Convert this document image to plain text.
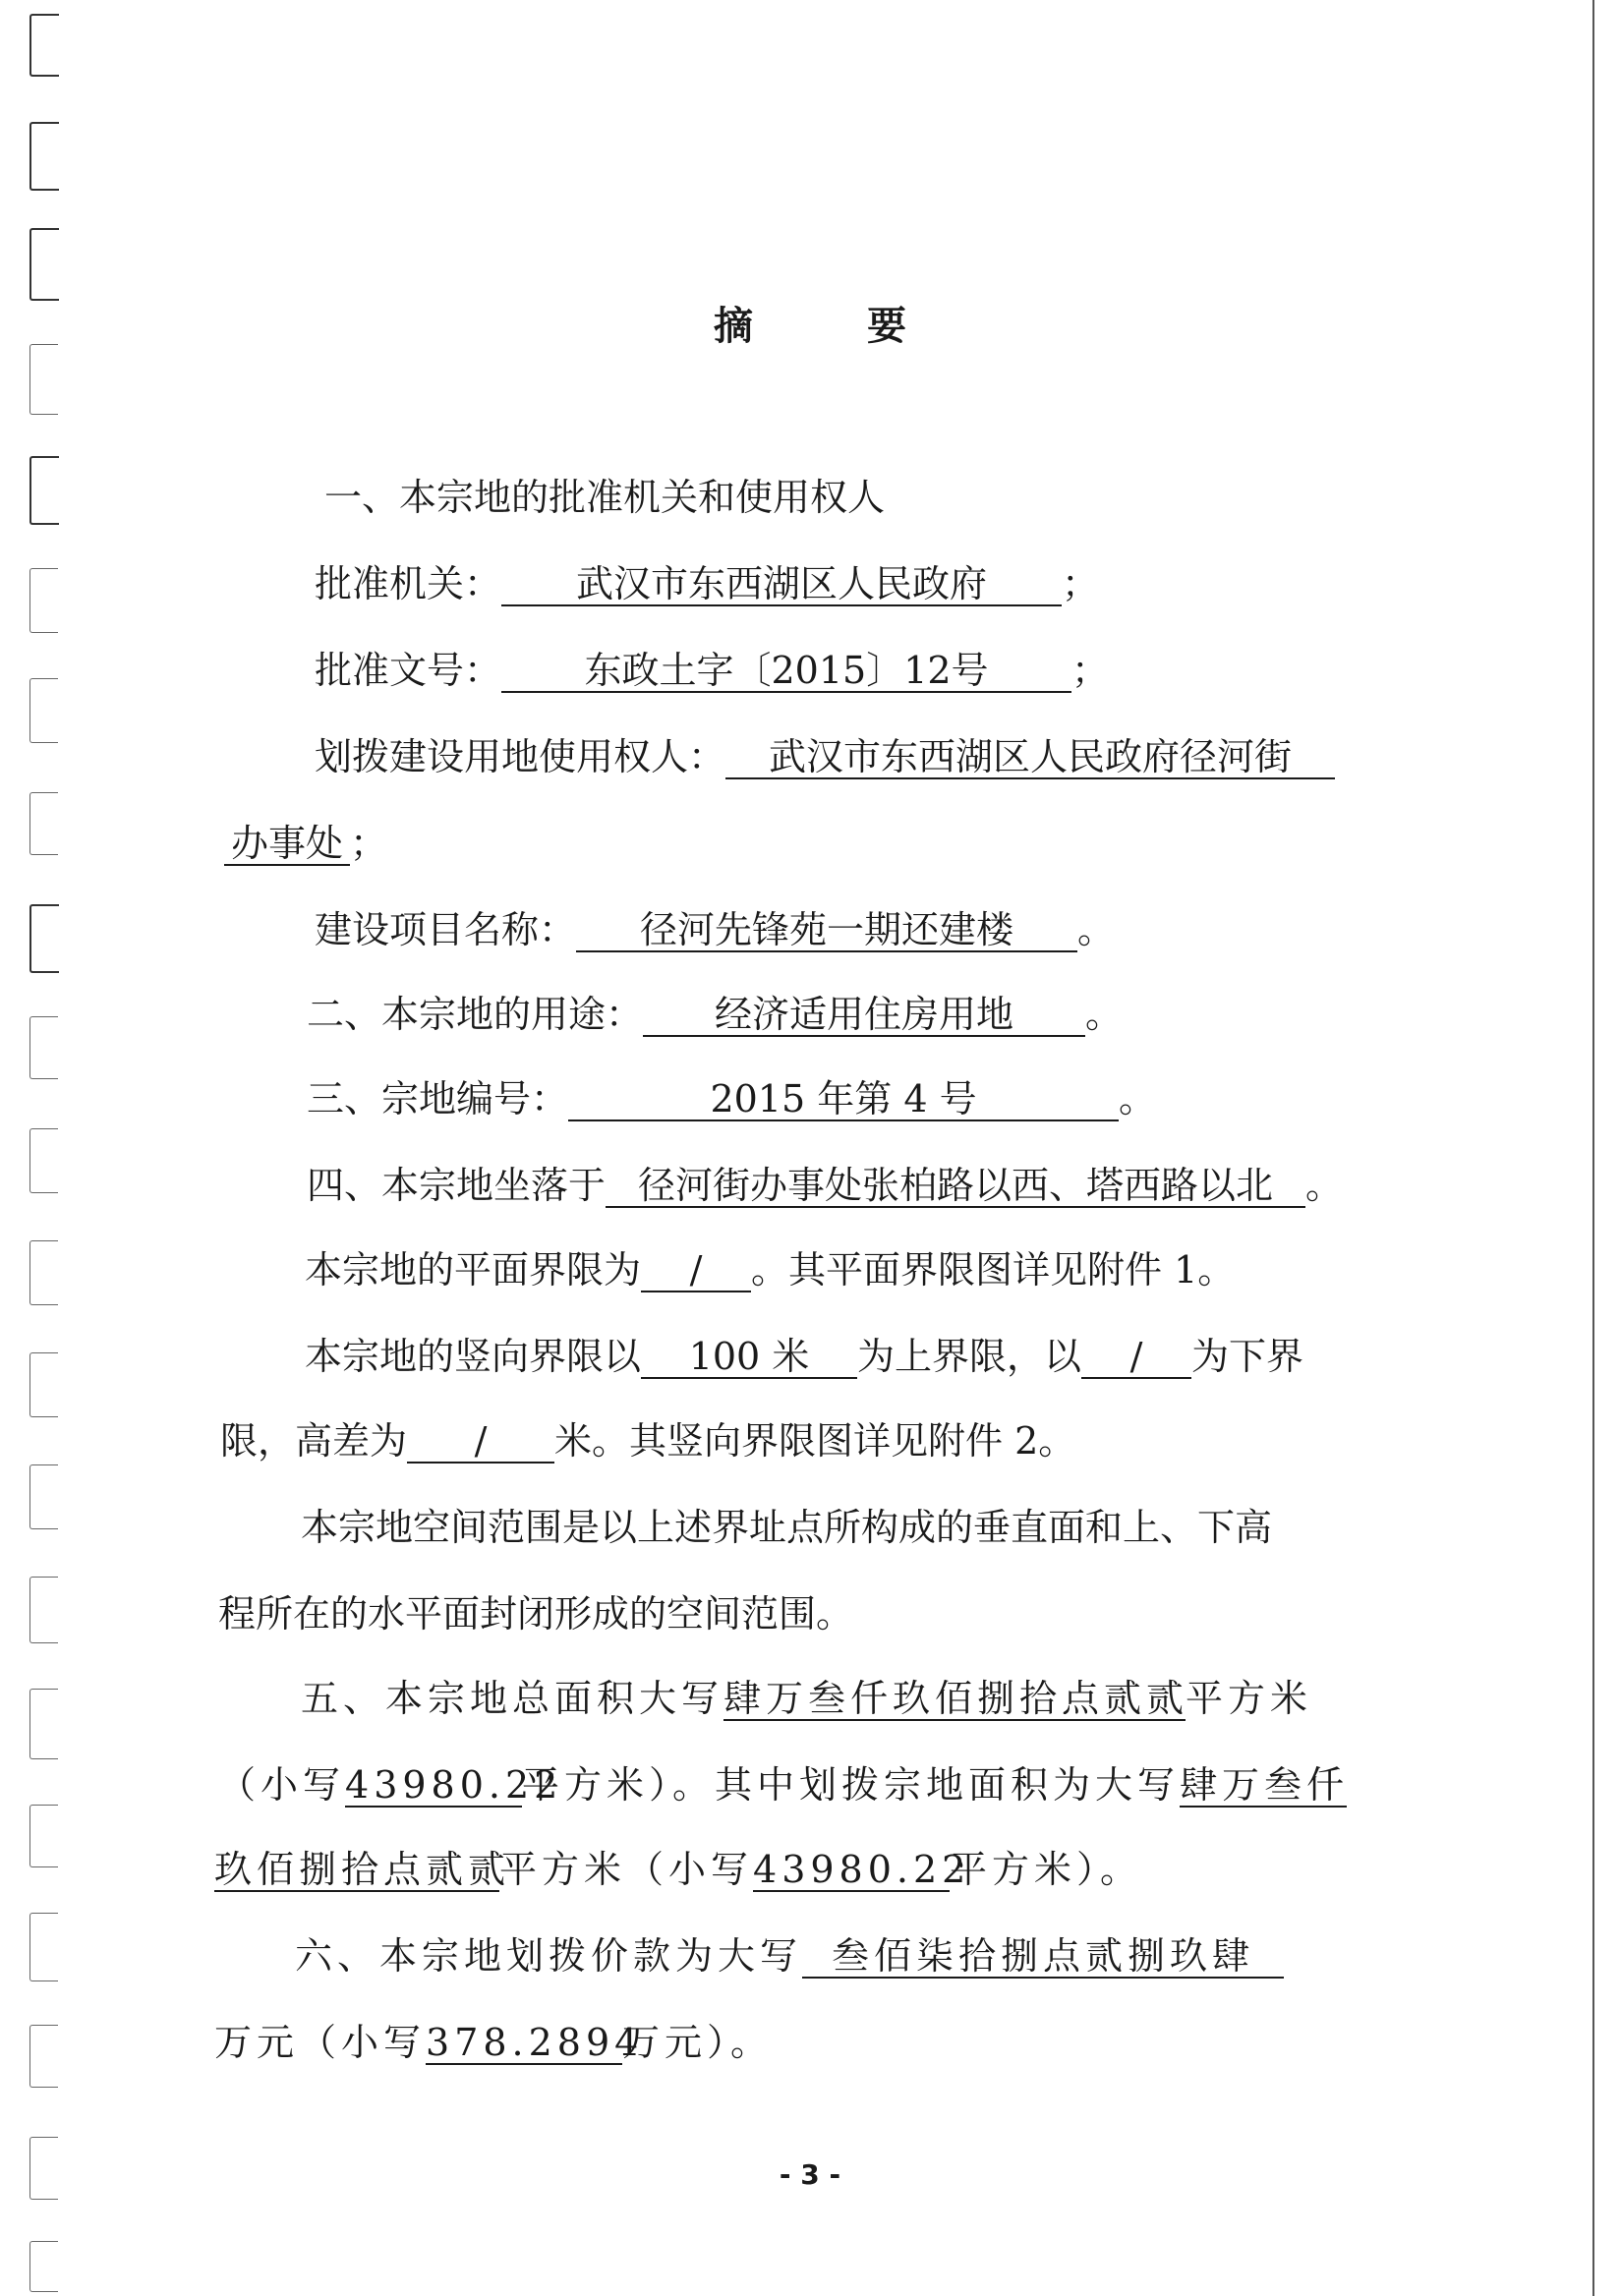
摘　要
一、本宗地的批准机关和使用权人
批准机关： 武汉市东西湖区人民政府 ；
批准文号： 东政土字〔2015〕12号 ；
划拨建设用地使用权人： 武汉市东西湖区人民政府径河街
办事处 ；
建设项目名称： 径河先锋苑一期还建楼 。
二、本宗地的用途： 经济适用住房用地 。
三、宗地编号：	2015 年第 4 号	。
四、本宗地坐落于 径河街办事处张柏路以西、塔西路以北 。
本宗地的平面界限为 / 。其平面界限图详见附件 1。
本宗地的竖向界限以 100 米 为上界限，以 / 为下界
限，高差为 / 米。其竖向界限图详见附件 2。
本宗地空间范围是以上述界址点所构成的垂直面和上、下高
程所在的水平面封闭形成的空间范围。
五、本宗地总面积大写肆万叁仟玖佰捌拾点贰贰平方米
（小写43980.22平方米）。其中划拨宗地面积为大写肆万叁仟
玖佰捌拾点贰贰平方米（小写43980.22平方米）。
六、本宗地划拨价款为大写 叁佰柒拾捌点贰捌玖肆
万元（小写378.2894万元）。
- 3 -
